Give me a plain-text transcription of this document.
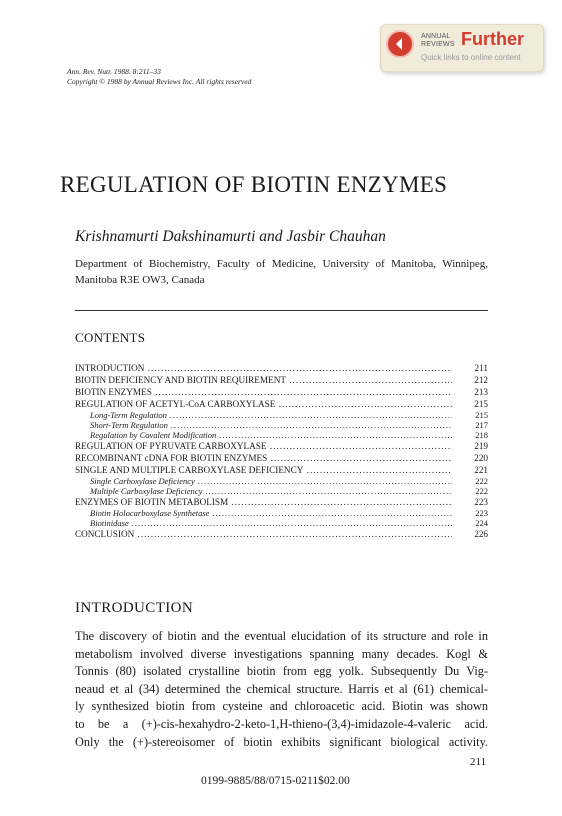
ANNUAL
REVIEWS Further
Quick links to online content
Ann. Rev. Nutr. 1988. 8:211–33
Copyright © 1988 by Annual Reviews Inc. All rights reserved
REGULATION OF BIOTIN ENZYMES
Krishnamurti Dakshinamurti and Jasbir Chauhan
Department of Biochemistry, Faculty of Medicine, University of Manitoba, Winnipeg, Manitoba R3E OW3, Canada
CONTENTS
INTRODUCTION .....	211
BIOTIN DEFICIENCY AND BIOTIN REQUIREMENT .....	212
BIOTIN ENZYMES .....	213
REGULATION OF ACETYL-CoA CARBOXYLASE .....	215
Long-Term Regulation .....	215
Short-Term Regulation .....	217
Regulation by Covalent Modification .....	218
REGULATION OF PYRUVATE CARBOXYLASE .....	219
RECOMBINANT cDNA FOR BIOTIN ENZYMES .....	220
SINGLE AND MULTIPLE CARBOXYLASE DEFICIENCY .....	221
Single Carboxylase Deficiency .....	222
Multiple Carboxylase Deficiency .....	222
ENZYMES OF BIOTIN METABOLISM .....	223
Biotin Holocarboxylase Synthetase .....	223
Biotinidase .....	224
CONCLUSION .....	226
INTRODUCTION
The discovery of biotin and the eventual elucidation of its structure and role in
metabolism involved diverse investigations spanning many decades. Kogl &
Tonnis (80) isolated crystalline biotin from egg yolk. Subsequently Du Vig-
neaud et al (34) determined the chemical structure. Harris et al (61) chemical-
ly synthesized biotin from cysteine and chloroacetic acid. Biotin was shown
to be a (+)-cis-hexahydro-2-keto-1,H-thieno-(3,4)-imidazole-4-valeric acid.
Only the (+)-stereoisomer of biotin exhibits significant biological activity.
211
0199-9885/88/0715-0211$02.00
